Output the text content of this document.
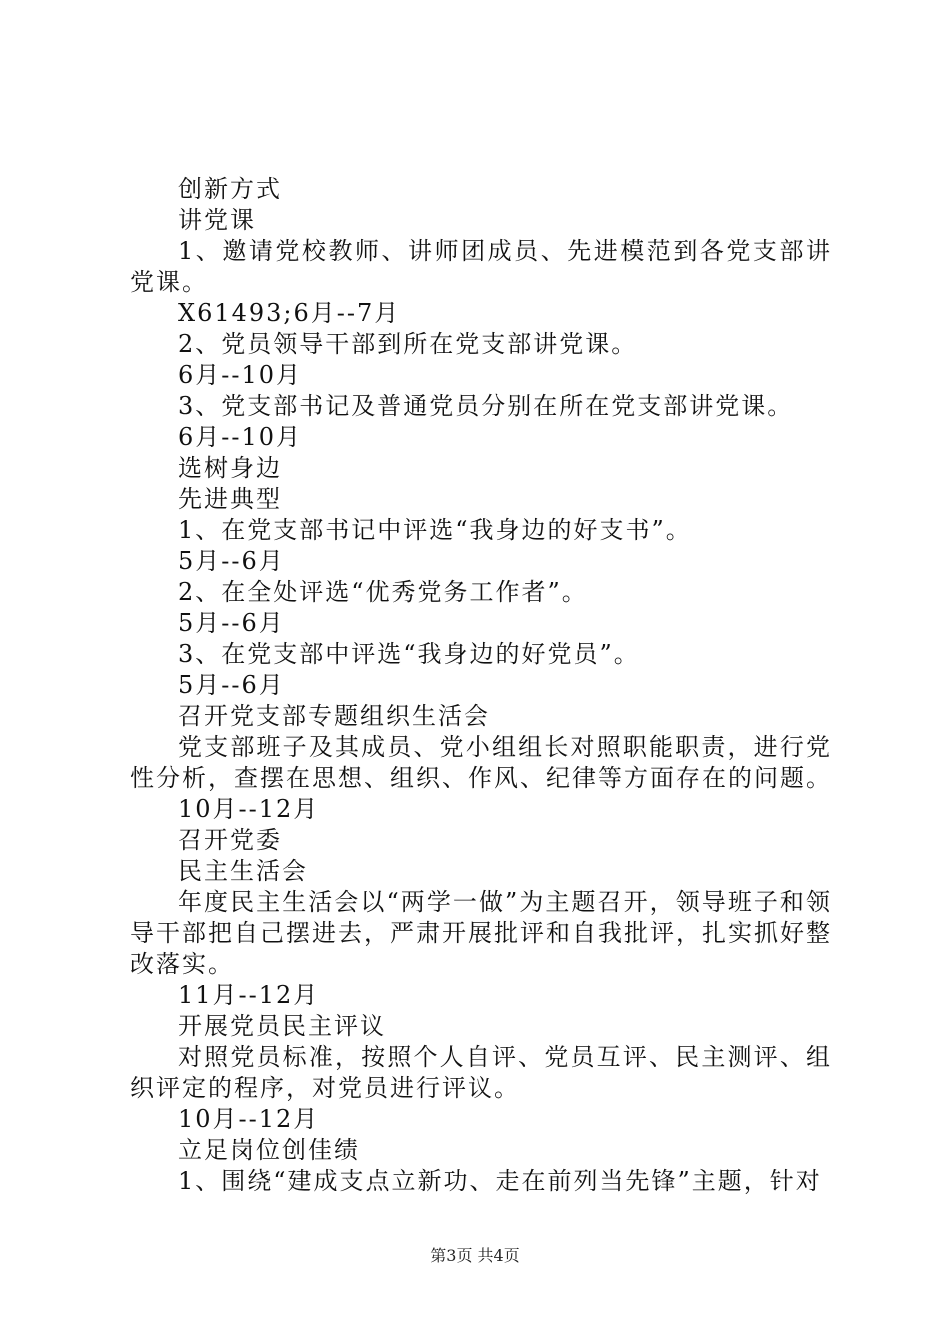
创新方式
讲党课

1、邀请党校教师、讲师团成员、先进模范到各党支部讲党课。

X61493;6月--7月
2、党员领导干部到所在党支部讲党课。
6月--10月
3、党支部书记及普通党员分别在所在党支部讲党课。
6月--10月
选树身边
先进典型
1、在党支部书记中评选“我身边的好支书”。
5月--6月
2、在全处评选“优秀党务工作者”。
5月--6月
3、在党支部中评选“我身边的好党员”。
5月--6月
召开党支部专题组织生活会

党支部班子及其成员、党小组组长对照职能职责，进行党性分析，查摆在思想、组织、作风、纪律等方面存在的问题。

10月--12月
召开党委
民主生活会

年度民主生活会以“两学一做”为主题召开，领导班子和领导干部把自己摆进去，严肃开展批评和自我批评，扎实抓好整改落实。

11月--12月
开展党员民主评议

对照党员标准，按照个人自评、党员互评、民主测评、组织评定的程序，对党员进行评议。

10月--12月
立足岗位创佳绩

1、围绕“建成支点立新功、走在前列当先锋”主题，针对

第3页 共4页
